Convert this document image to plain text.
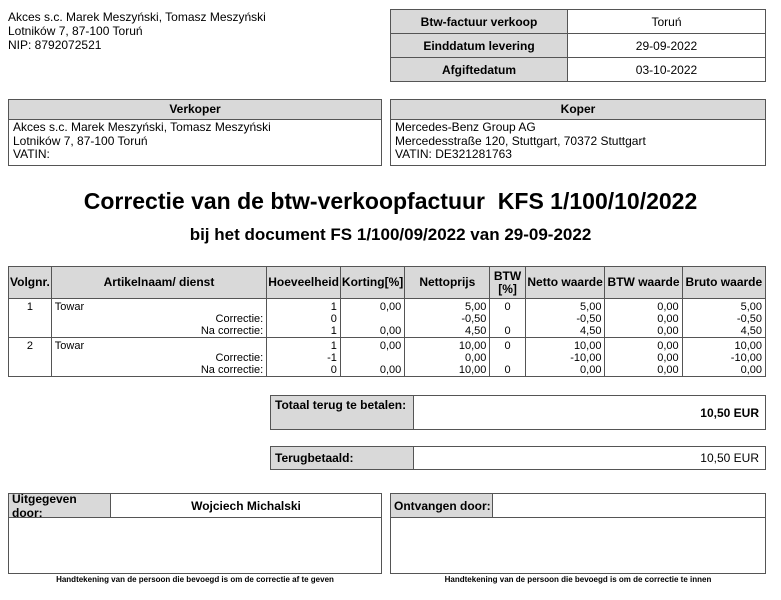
Akces s.c. Marek Meszyński, Tomasz Meszyński
Lotników 7, 87-100 Toruń
NIP: 8792072521
Btw-factuur verkoop	Toruń
Einddatum levering	29-09-2022
Afgiftedatum	03-10-2022
Verkoper
Akces s.c. Marek Meszyński, Tomasz Meszyński
Lotników 7, 87-100 Toruń
VATIN:
Koper
Mercedes-Benz Group AG
Mercedesstraße 120, Stuttgart, 70372 Stuttgart
VATIN: DE321281763
Correctie van de btw-verkoopfactuur  KFS 1/100/10/2022
bij het document FS 1/100/09/2022 van 29-09-2022
Volgnr.	Artikelnaam/ dienst	Hoeveelheid	Korting[%]	Nettoprijs	BTW [%]	Netto waarde	BTW waarde	Bruto waarde
1	Towar	1	0,00	5,00	0	5,00	0,00	5,00
	Correctie:	0		-0,50		-0,50	0,00	-0,50
	Na correctie:	1	0,00	4,50	0	4,50	0,00	4,50
2	Towar	1	0,00	10,00	0	10,00	0,00	10,00
	Correctie:	-1		0,00		-10,00	0,00	-10,00
	Na correctie:	0	0,00	10,00	0	0,00	0,00	0,00
Totaal terug te betalen:
10,50 EUR
Terugbetaald:	10,50 EUR
Uitgegeven door:	Wojciech Michalski	Ontvangen door:
Handtekening van de persoon die bevoegd is om de correctie af te geven	Handtekening van de persoon die bevoegd is om de correctie te innen
